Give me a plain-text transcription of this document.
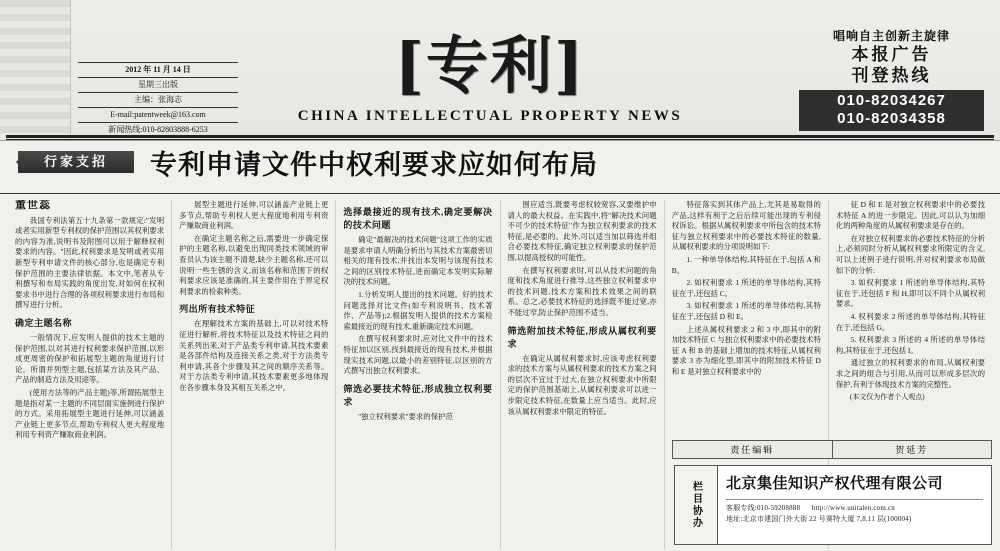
2012 年 11 月 14 日
星期三出版
主编：张海志
E-mail:patentweek@163.com
新闻热线:010-82803888-6253
[专利]
CHINA INTELLECTUAL PROPERTY NEWS
唱响自主创新主旋律
本报广告
刊登热线
010-82034267
010-82034358
行家支招	专利申请文件中权利要求应如何布局
董世蕊

我国专利法第五十九条第一款规定:"发明或者实用新型专利权的保护范围以其权利要求的内容为准,说明书及附图可以用于解释权利要求的内容。"因此,权利要求是发明或者实用新型专利申请文件的核心部分,也是确定专利保护范围的主要法律依据。本文中,笔者从专利撰写和布局实践的角度出发,对如何在权利要求书中进行合理的各项权利要求进行布局和撰写进行分析。

确定主题名称

一般情况下,应发明人提供的技术主题的保护范围,以对其进行权利要求保护范围,以形成更周密的保护和拓展型主题的角度进行讨论。所谓并列型主题,包括某方法及其产品、产品的制造方法及用途等。

(使用方法等的产品主题)等,所谓拓展型主题是指对某一主题的不同层面实施例进行保护的方式。采用拓展型主题进行延伸,可以涵盖产业链上更多节点,帮助专利权人更大程度地利用专利资产赚取商业利润。

展型主题进行延伸,可以涵盖产业链上更多节点,帮助专利权人更大程度地利用专利资产赚取商业利润。

在确定主题名称之后,需要进一步确定保护的主题名称,以避免出现同类技术领域的审查员认为该主题不清楚,缺少主题名称,还可以说明一些生锈的含义,而该名称和范围下的权利要求应该是准确的,其主要作用在于界定权利要求的检索种类。

列出所有技术特征

在理解技术方案的基础上,可以对技术特征进行解析,将技术特征以及技术特征之间的关系列出来,对于产品类专利申请,其技术要素是各部件结构及连接关系之类,对于方法类专利申请,其各个步骤及其之间的顺序关系等。对于方法类专利申请,其技术要素更多地体现在各步骤本身及其相互关系之中。

选择最接近的现有技术,确定要解决的技术问题

确定"最解决的技术问题"这项工作的实质是要求申请人明确分析出与其技术方案最密切相关的现有技术,并找出本发明与该现有技术之间的区别技术特征,进而确定本发明实际解决的技术问题。

1.分析发明人提出的技术问题。好的技术问题选择对比文件(如专利说明书、技术著作、产品等);2.根据发明人提供的技术方案检索最接近的现有技术,重新确定技术问题。

在撰写权利要求时,应对比文件中的技术特征加以区别,找到最接近的现有技术,并根据现实技术问题,以最小的差别特征,以区别的方式撰写出独立权利要求。

筛选必要技术特征,形成独立权利要求

"独立权利要求"要求的保护范

围应适当,既要考虑权较宽容,又要维护申请人的最大权益。在实践中,将"解决技术问题不可少的技术特征"作为独立权利要求的技术特征,是必要的。此外,可以适当加以筛选并组合必要技术特征,确定独立权利要求的保护范围,以提高授权的可能性。

在撰写权利要求时,可以从技术问题的角度和技术角度进行推导,这些独立权利要求中的技术问题,技术方案和技术效果之间的联系。总之,必要技术特征的选择既不能过宽,亦不能过窄,防止保护范围不适当。

筛选附加技术特征,形成从属权利要求

在确定从属权利要求时,应该考虑权利要求的技术方案与从属权利要求的技术方案之间的层次不宜过于过大,在独立权利要求中所限定的保护范围基础上,从属权利要求可以进一步限定技术特征,在数量上应当适当。此时,应该从属权利要求中限定的特征。

特征落实到其体产品上,尤其是易取得的产品,这样有利于之后后续可能出现的专利侵权诉讼。根据从属权利要求中所包含的技术特征与独立权利要求中的必要技术特征的数量,从属权利要求的分项说明如下:

1. 一种单导体结构,其特征在于,包括 A 和 B。

2. 如权利要求 1 所述的单导体结构,其特征在于,还包括 C。

3. 如权利要求 1 所述的单导体结构,其特征在于,还包括 D 和 E。

上述从属权利要求 2 和 3 中,即其中的附加技术特征 C 与独立权利要求中的必要技术特征 A 和 B 的基础上增加的技术特征,从属权利要求 3 亦为细化型,即其中的附加技术特征 D 和 E 是对独立权利要求中的

征 D 和 E 是对独立权利要求中的必要技术特征 A 的进一步限定。因此,可以认为加细化的两种角度的从属权利要求是存在的。

在对独立权利要求的必要技术特征的分析上,必须同时分析从属权利要求所限定的含义,可以上述例子进行说明,并对权利要求布局做如下的分析:

3. 如权利要求 1 所述的单导体结构,其特征在于,还包括 F 和 H,即可以不同个从属权利要求。

4. 权利要求 2 所述的单导体结构,其特征在于,还包括 G。

5. 权利要求 3 所述的 4 所述的单导体结构,其特征在于,还包括 I。

通过独立的权利要求的布局,从属权利要求之间的组合与引用,从而可以形成多层次的保护,有利于体现技术方案的完整性。

(本文仅为作者个人观点)

责任编辑	贺延芳
栏目协办 北京集佳知识产权代理有限公司
客服专线:010-59208888 http://www.unitalen.com.cn
地址:北京市建国门外大街 22 号赛特大厦 7,8,11 层(100004)
